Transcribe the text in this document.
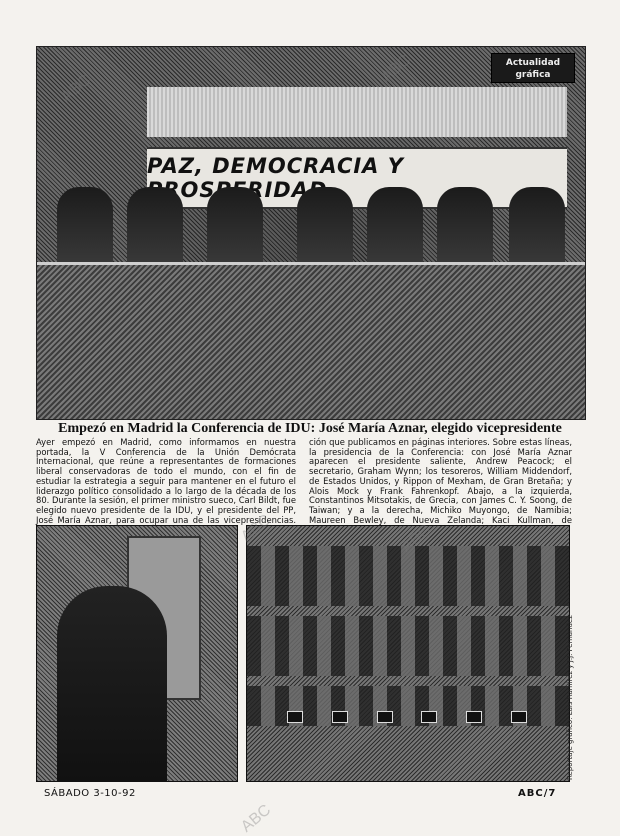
PAZ, DEMOCRACIA Y
Actualidad
gráfica
Empezó en Madrid la Conferencia de IDU: José María Aznar, elegido vicepresidente
Ayer empezó en Madrid, como informamos en nuestra portada, la V Conferencia de la Unión Demócrata Internacional, que reúne a representantes de formaciones liberal conservadoras de todo el mundo, con el fin de estudiar la estrategia a seguir para mantener en el futuro el liderazgo político consolidado a lo largo de la década de los 80. Durante la sesión, el primer ministro sueco, Carl Bildt, fue elegido nuevo presidente de la IDU, y el presidente del PP, José María Aznar, para ocupar una de las vicepresidencias.
ción que publicamos en páginas interiores. Sobre estas líneas, la presidencia de la Conferencia: con José María Aznar aparecen el presidente saliente, Andrew Peacock; el secretario, Graham Wynn; los tesoreros, William Middendorf, de Estados Unidos, y Rippon of Mexham, de Gran Bretaña; y Alois Mock y Frank Fahrenkopf. Abajo, a la izquierda, Constantinos Mitsotakis, de Grecia, con James C. Y. Soong, de Taiwan; y a la derecha, Michiko Muyongo, de Namibia; Maureen Bewley, de Nueva Zelanda; Kaci Kullman, de
Reportaje gráfico: Luis Ramírez y J.J. Fernández
SÁBADO 3-10-92	ABC/7
ABC
ABC
ABC	ABC
ABC
